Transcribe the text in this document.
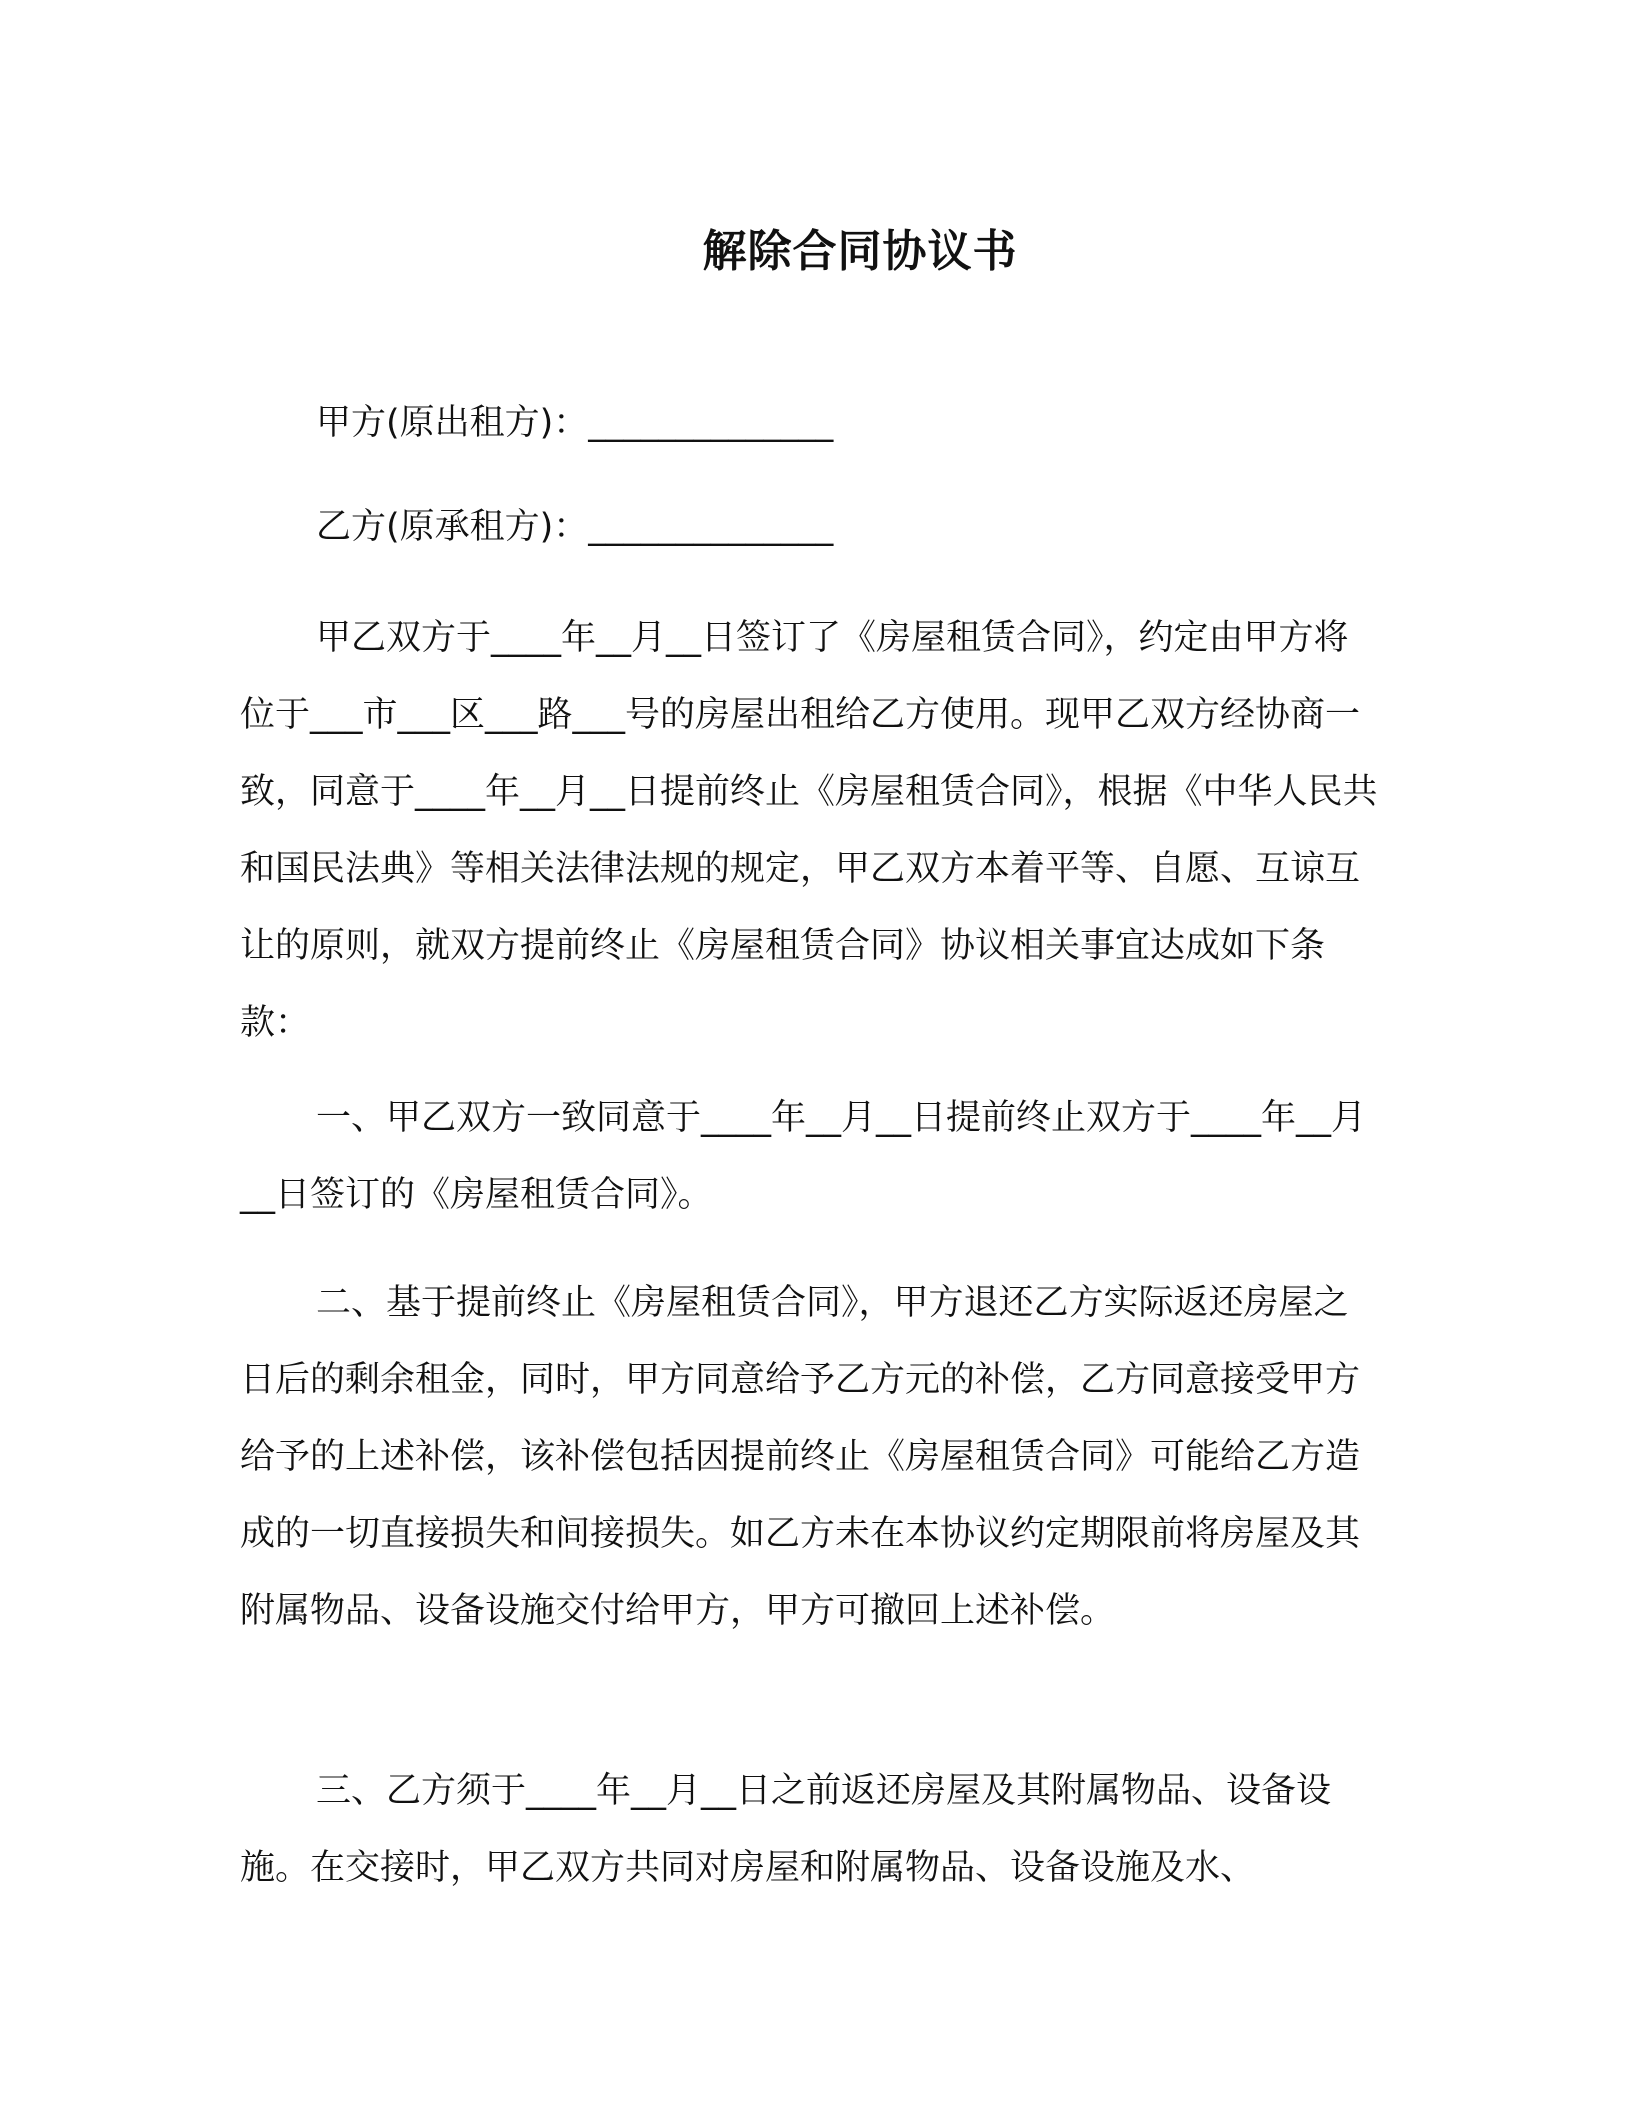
解除合同协议书
甲方(原出租方)：______________
乙方(原承租方)：______________
甲乙双方于____年__月__日签订了《房屋租赁合同》，约定由甲方将位于___市___区___路___号的房屋出租给乙方使用。现甲乙双方经协商一致，同意于____年__月__日提前终止《房屋租赁合同》，根据《中华人民共和国民法典》等相关法律法规的规定，甲乙双方本着平等、自愿、互谅互让的原则，就双方提前终止《房屋租赁合同》协议相关事宜达成如下条款：
一、甲乙双方一致同意于____年__月__日提前终止双方于____年__月__日签订的《房屋租赁合同》。
二、基于提前终止《房屋租赁合同》，甲方退还乙方实际返还房屋之日后的剩余租金，同时，甲方同意给予乙方元的补偿，乙方同意接受甲方给予的上述补偿，该补偿包括因提前终止《房屋租赁合同》可能给乙方造成的一切直接损失和间接损失。如乙方未在本协议约定期限前将房屋及其附属物品、设备设施交付给甲方，甲方可撤回上述补偿。
三、乙方须于____年__月__日之前返还房屋及其附属物品、设备设施。在交接时，甲乙双方共同对房屋和附属物品、设备设施及水、
